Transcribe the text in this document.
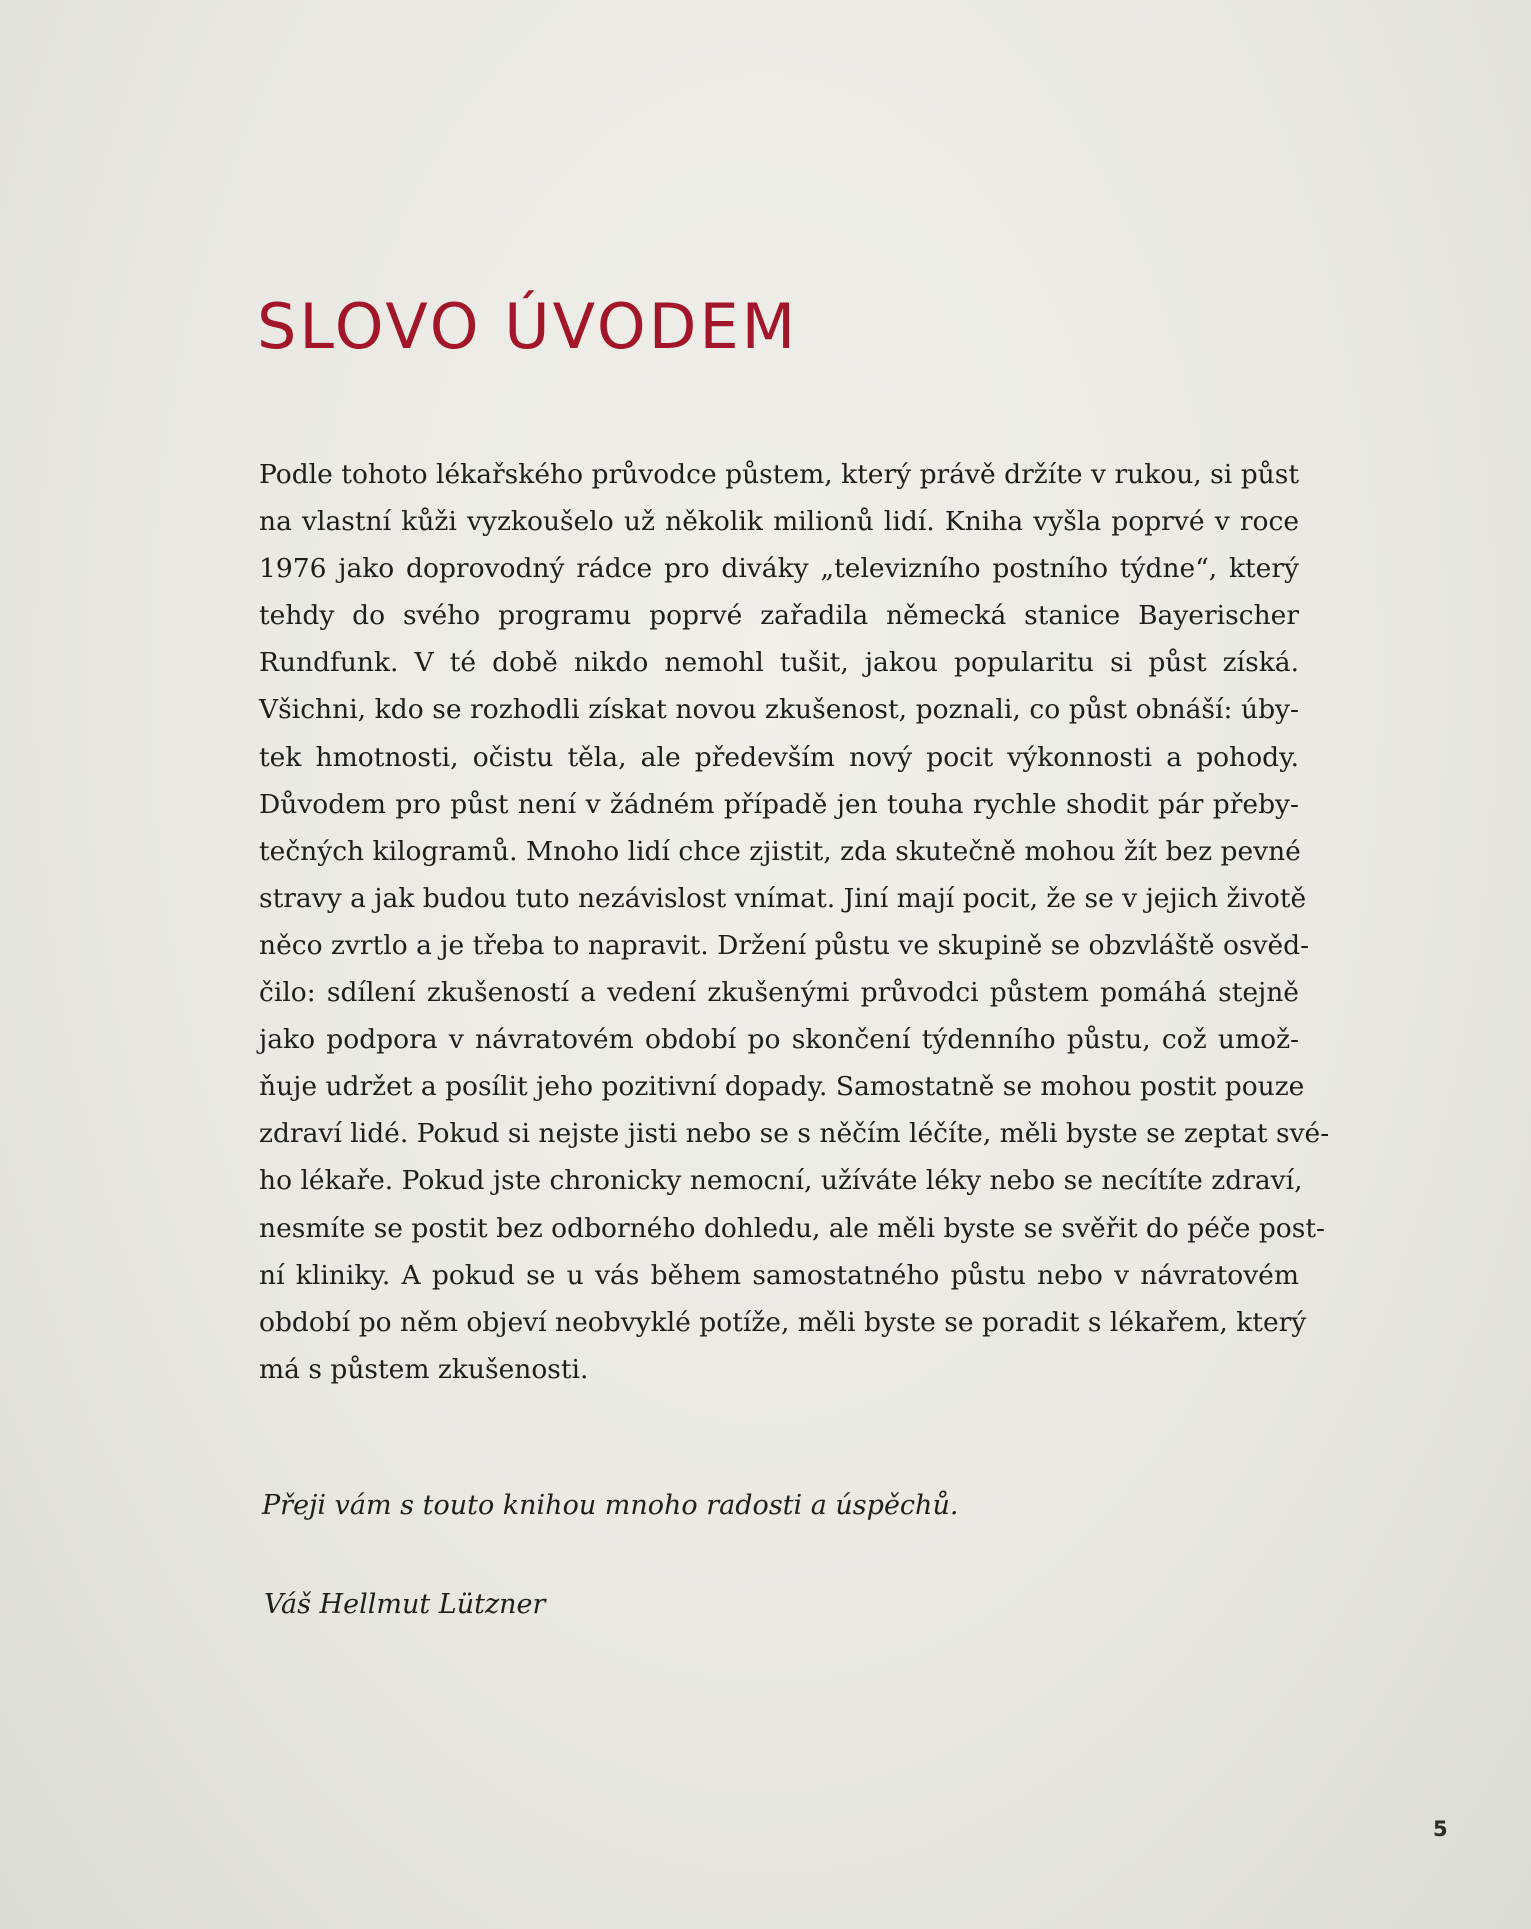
SLOVO ÚVODEM
Podle tohoto lékařského průvodce půstem, který právě držíte v rukou, si půst
na vlastní kůži vyzkoušelo už několik milionů lidí. Kniha vyšla poprvé v roce
1976 jako doprovodný rádce pro diváky „televizního postního týdne“, který
tehdy do svého programu poprvé zařadila německá stanice Bayerischer
Rundfunk. V té době nikdo nemohl tušit, jakou popularitu si půst získá.
Všichni, kdo se rozhodli získat novou zkušenost, poznali, co půst obnáší: úby-
tek hmotnosti, očistu těla, ale především nový pocit výkonnosti a pohody.
Důvodem pro půst není v žádném případě jen touha rychle shodit pár přeby-
tečných kilogramů. Mnoho lidí chce zjistit, zda skutečně mohou žít bez pevné
stravy a jak budou tuto nezávislost vnímat. Jiní mají pocit, že se v jejich životě
něco zvrtlo a je třeba to napravit. Držení půstu ve skupině se obzvláště osvěd-
čilo: sdílení zkušeností a vedení zkušenými průvodci půstem pomáhá stejně
jako podpora v návratovém období po skončení týdenního půstu, což umož-
ňuje udržet a posílit jeho pozitivní dopady. Samostatně se mohou postit pouze
zdraví lidé. Pokud si nejste jisti nebo se s něčím léčíte, měli byste se zeptat své-
ho lékaře. Pokud jste chronicky nemocní, užíváte léky nebo se necítíte zdraví,
nesmíte se postit bez odborného dohledu, ale měli byste se svěřit do péče post-
ní kliniky. A pokud se u vás během samostatného půstu nebo v návratovém
období po něm objeví neobvyklé potíže, měli byste se poradit s lékařem, který
má s půstem zkušenosti.

Přeji vám s touto knihou mnoho radosti a úspěchů.

Váš Hellmut Lützner

5
